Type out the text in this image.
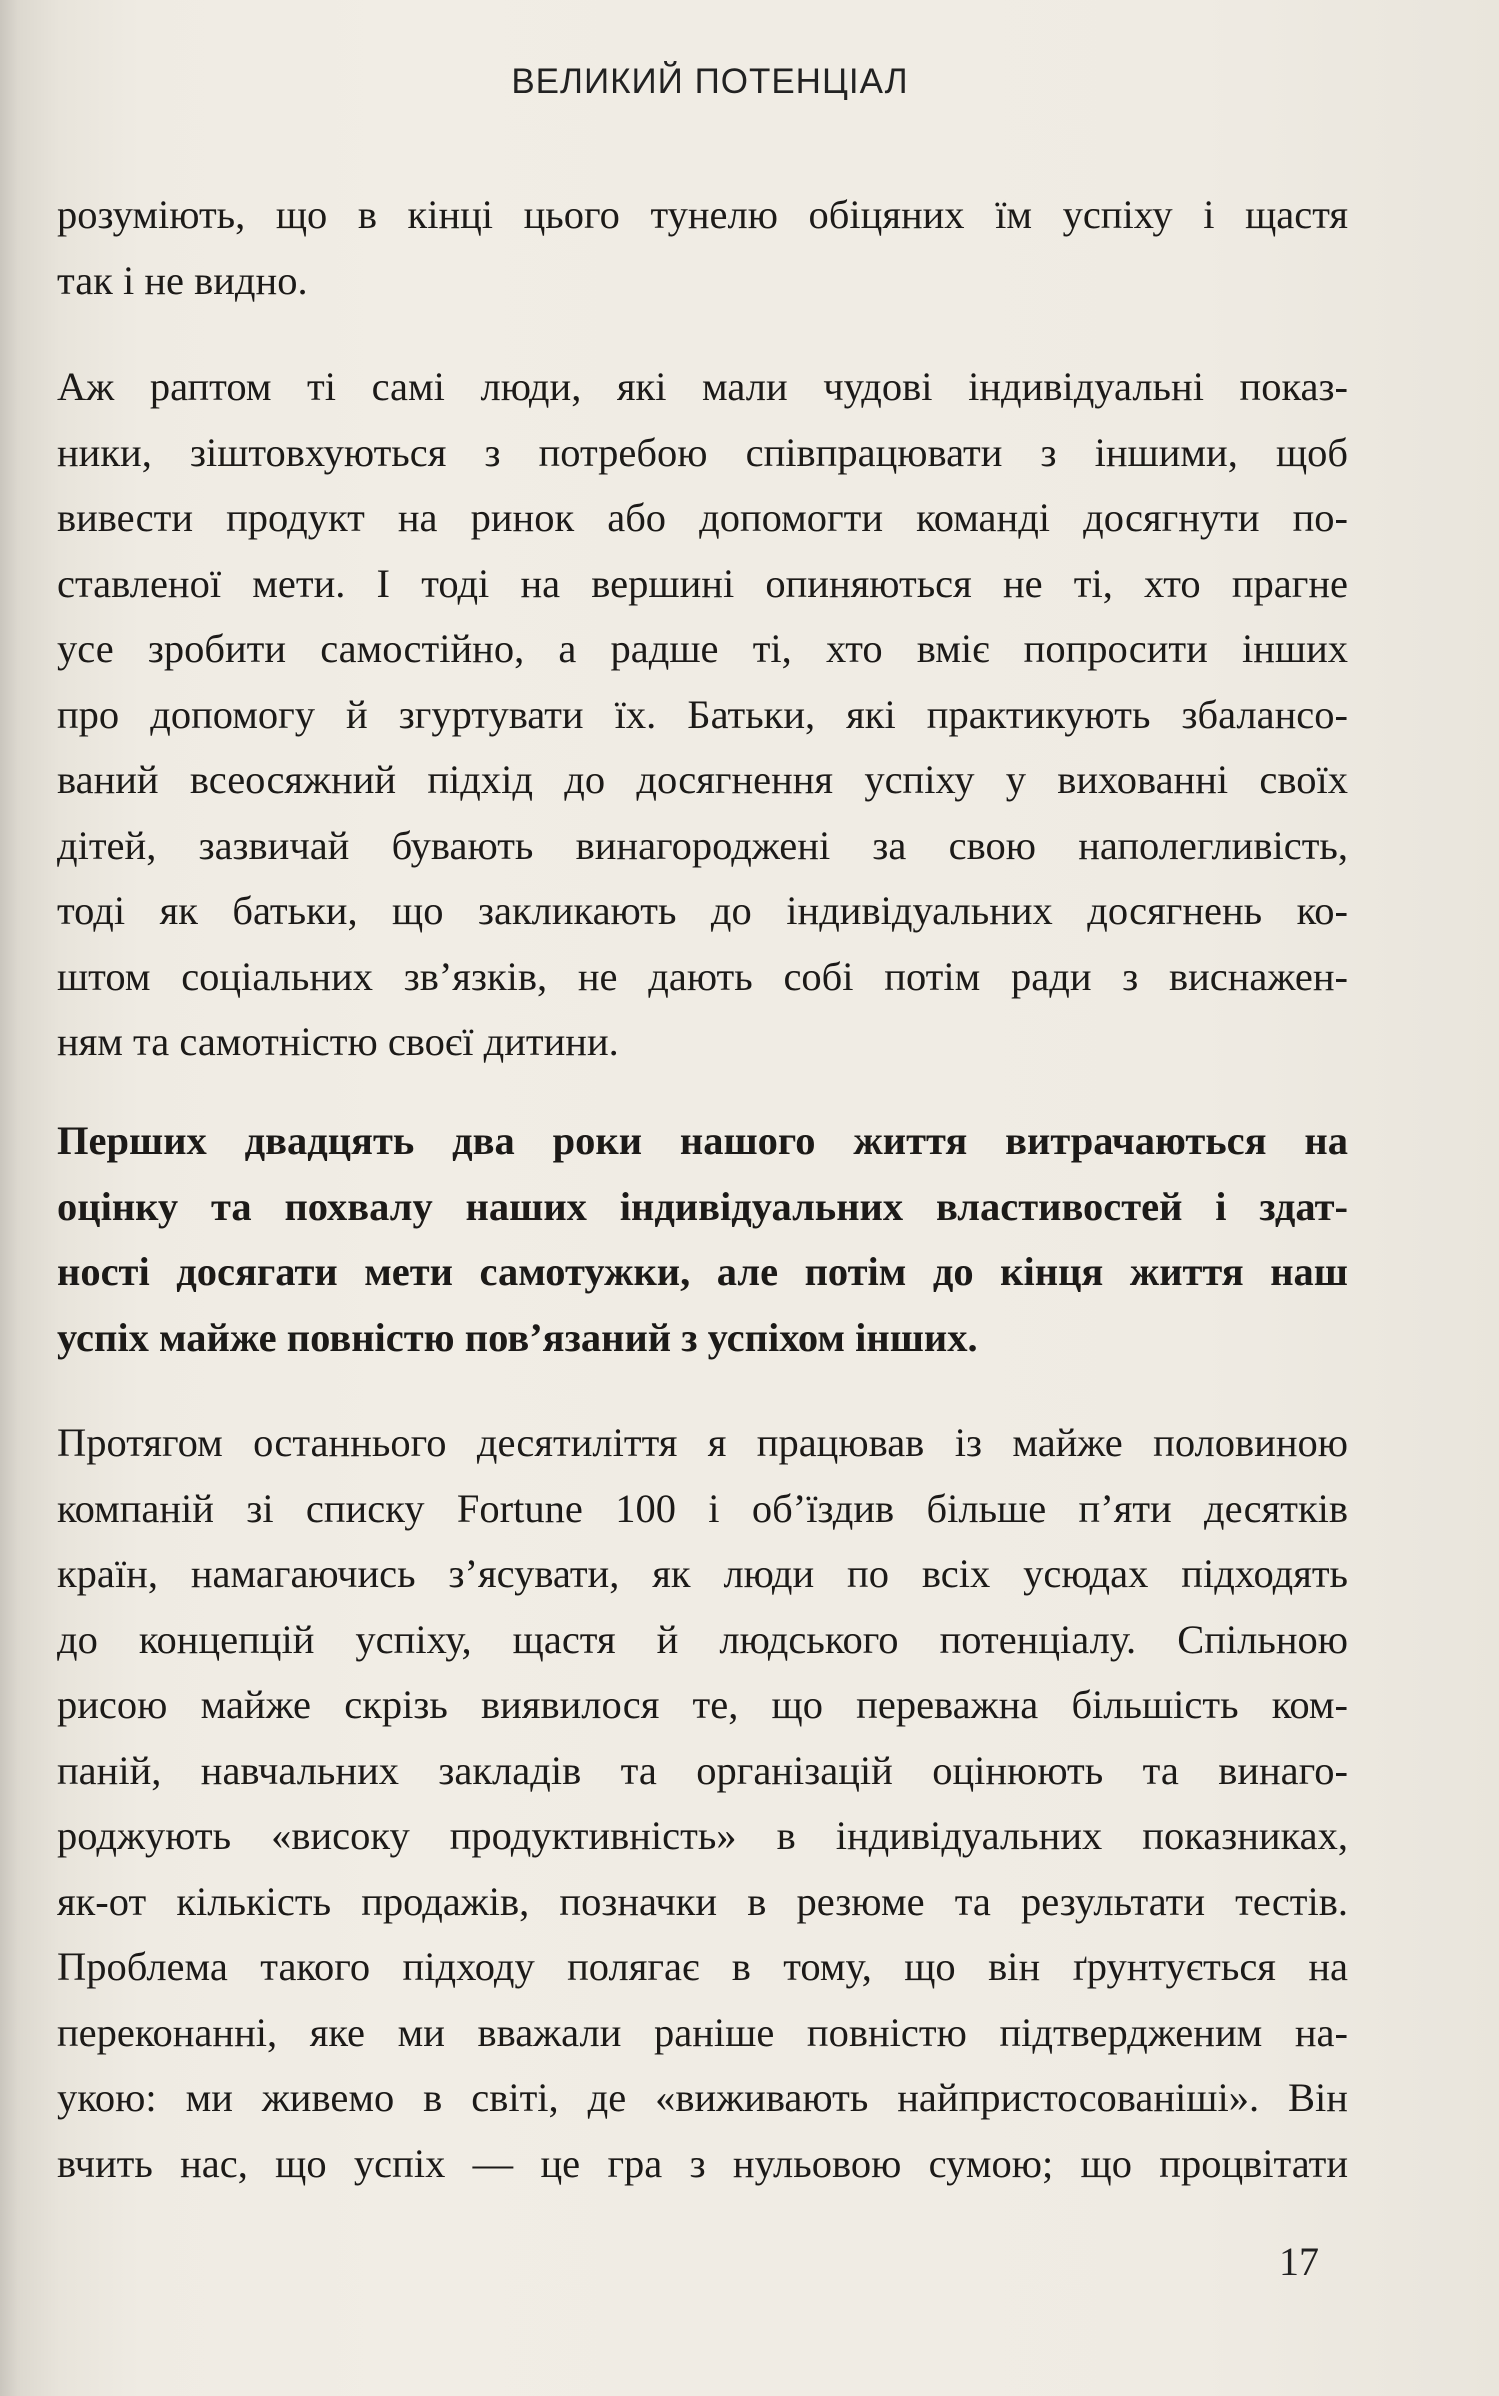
ВЕЛИКИЙ ПОТЕНЦІАЛ
розуміють, що в кінці цього тунелю обіцяних їм успіху і щастя
так і не видно.
Аж раптом ті самі люди, які мали чудові індивідуальні показ-
ники, зіштовхуються з потребою співпрацювати з іншими, щоб
вивести продукт на ринок або допомогти команді досягнути по-
ставленої мети. І тоді на вершині опиняються не ті, хто прагне
усе зробити самостійно, а радше ті, хто вміє попросити інших
про допомогу й згуртувати їх. Батьки, які практикують збалансо-
ваний всеосяжний підхід до досягнення успіху у вихованні своїх
дітей, зазвичай бувають винагороджені за свою наполегливість,
тоді як батьки, що закликають до індивідуальних досягнень ко-
штом соціальних зв’язків, не дають собі потім ради з виснажен-
ням та самотністю своєї дитини.
Перших двадцять два роки нашого життя витрачаються на
оцінку та похвалу наших індивідуальних властивостей і здат-
ності досягати мети самотужки, але потім до кінця життя наш
успіх майже повністю пов’язаний з успіхом інших.
Протягом останнього десятиліття я працював із майже половиною
компаній зі списку Fortune 100 і об’їздив більше п’яти десятків
країн, намагаючись з’ясувати, як люди по всіх усюдах підходять
до концепцій успіху, щастя й людського потенціалу. Спільною
рисою майже скрізь виявилося те, що переважна більшість ком-
паній, навчальних закладів та організацій оцінюють та винаго-
роджують «високу продуктивність» в індивідуальних показниках,
як-от кількість продажів, позначки в резюме та результати тестів.
Проблема такого підходу полягає в тому, що він ґрунтується на
переконанні, яке ми вважали раніше повністю підтвердженим на-
укою: ми живемо в світі, де «виживають найпристосованіші». Він
вчить нас, що успіх — це гра з нульовою сумою; що процвітати
17
